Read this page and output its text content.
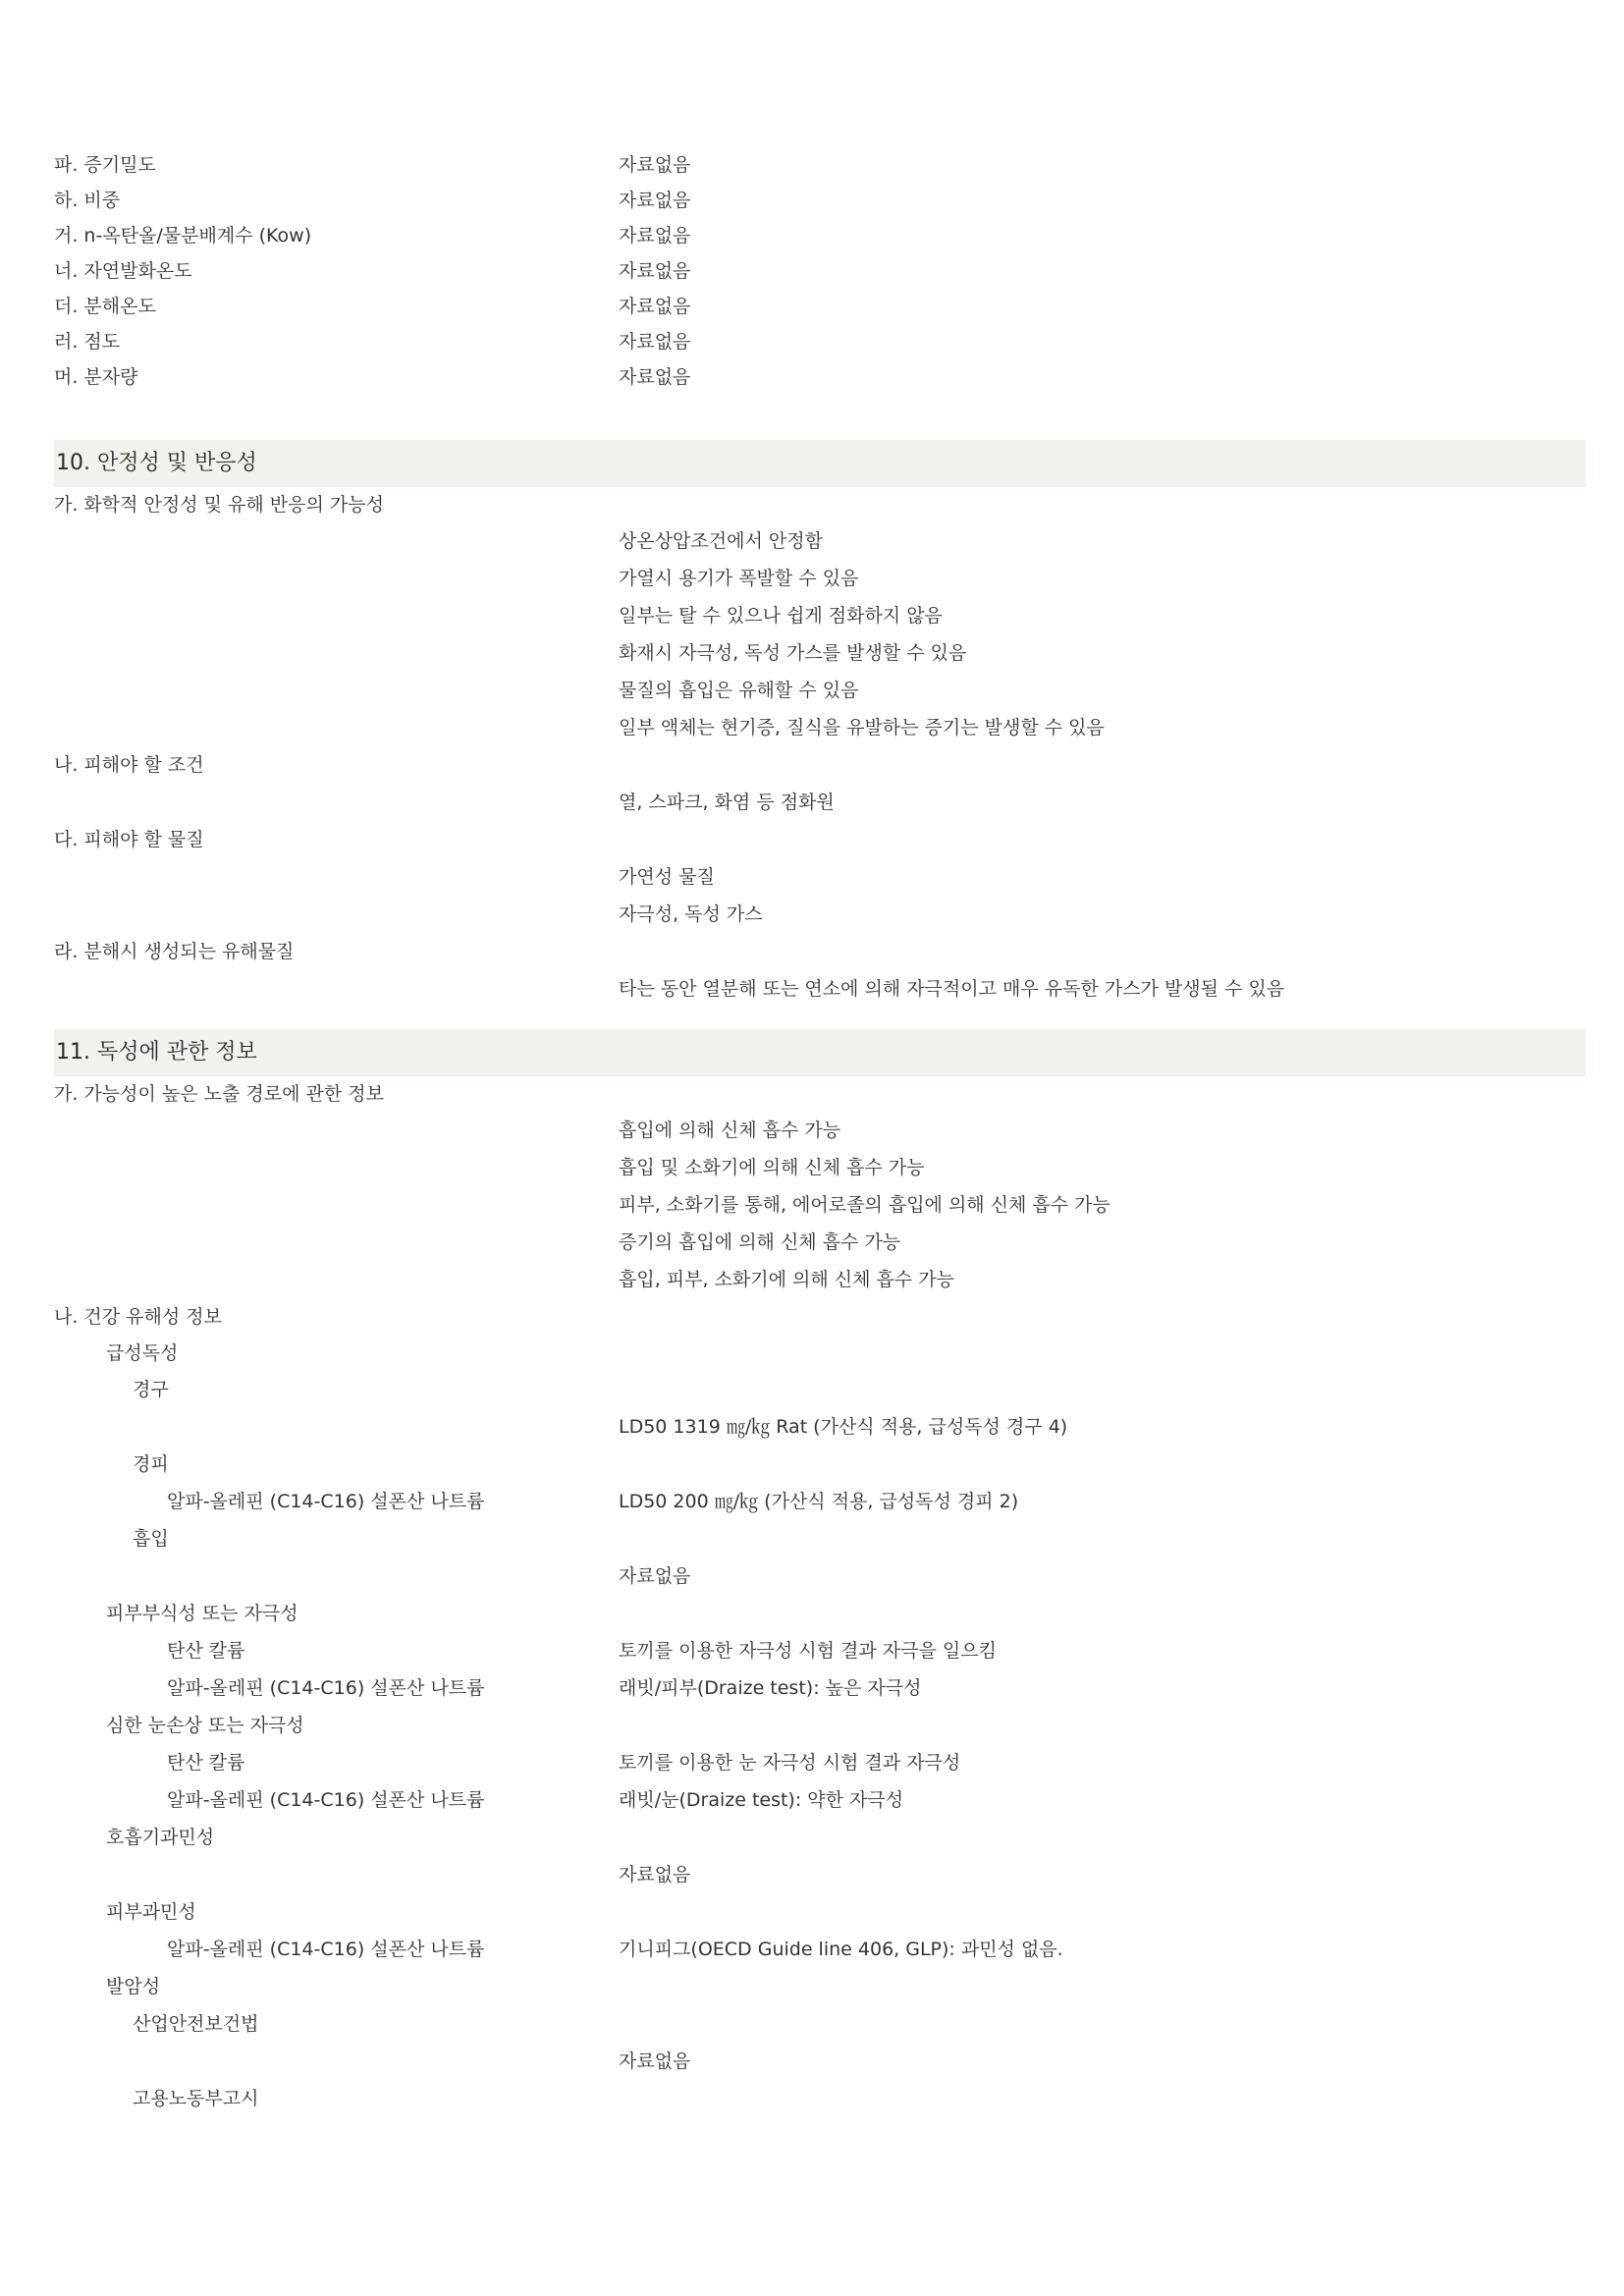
파. 증기밀도	자료없음
하. 비중	자료없음
거. n-옥탄올/물분배계수 (Kow)	자료없음
너. 자연발화온도	자료없음
더. 분해온도	자료없음
러. 점도	자료없음
머. 분자량	자료없음
10. 안정성 및 반응성
가. 화학적 안정성 및 유해 반응의 가능성
상온상압조건에서 안정함
가열시 용기가 폭발할 수 있음
일부는 탈 수 있으나 쉽게 점화하지 않음
화재시 자극성, 독성 가스를 발생할 수 있음
물질의 흡입은 유해할 수 있음
일부 액체는 현기증, 질식을 유발하는 증기는 발생할 수 있음
나. 피해야 할 조건
열, 스파크, 화염 등 점화원
다. 피해야 할 물질
가연성 물질
자극성, 독성 가스
라. 분해시 생성되는 유해물질
타는 동안 열분해 또는 연소에 의해 자극적이고 매우 유독한 가스가 발생될 수 있음
11. 독성에 관한 정보
가. 가능성이 높은 노출 경로에 관한 정보
흡입에 의해 신체 흡수 가능
흡입 및 소화기에 의해 신체 흡수 가능
피부, 소화기를 통해, 에어로졸의 흡입에 의해 신체 흡수 가능
증기의 흡입에 의해 신체 흡수 가능
흡입, 피부, 소화기에 의해 신체 흡수 가능
나. 건강 유해성 정보
급성독성
경구
LD50 1319 ㎎/㎏ Rat (가산식 적용, 급성독성 경구 4)
경피
알파-올레핀 (C14-C16) 설폰산 나트륨	LD50 200 ㎎/㎏ (가산식 적용, 급성독성 경피 2)
흡입
자료없음
피부부식성 또는 자극성
탄산 칼륨	토끼를 이용한 자극성 시험 결과 자극을 일으킴
알파-올레핀 (C14-C16) 설폰산 나트륨	래빗/피부(Draize test): 높은 자극성
심한 눈손상 또는 자극성
탄산 칼륨	토끼를 이용한 눈 자극성 시험 결과 자극성
알파-올레핀 (C14-C16) 설폰산 나트륨	래빗/눈(Draize test): 약한 자극성
호흡기과민성
자료없음
피부과민성
알파-올레핀 (C14-C16) 설폰산 나트륨	기니피그(OECD Guide line 406, GLP): 과민성 없음.
발암성
산업안전보건법
자료없음
고용노동부고시
